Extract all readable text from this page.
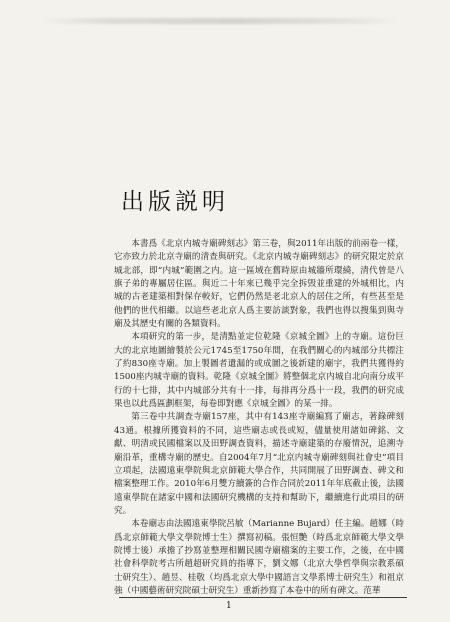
出版説明

本書爲《北京内城寺廟碑刻志》第三卷，與2011年出版的前兩卷一樣，它亦致力於北京寺廟的清查與研究。《北京内城寺廟碑刻志》的研究限定於京城北部，即“内城”範圍之内。這一區域在舊時原由城牆所環繞，清代曾是八旗子弟的專屬居住區。與近二十年來已幾乎完全拆毁並重建的外城相比，内城的古老建築相對保存較好，它們仍然是老北京人的居住之所，有些甚至是他們的世代相繼。以這些老北京人爲主要訪談對象，我們也得以搜集到與寺廟及其歷史有關的各類資料。

本項研究的第一步，是清點並定位乾隆《京城全圖》上的寺廟。這份巨大的北京地圖繪製於公元1745至1750年間，在我們關心的内城部分共標注了約830座寺廟。加上製圖者遺漏的或成圖之後新建的廟宇，我們共獲得約1500座内城寺廟的資料。乾隆《京城全圖》將整個北京内城自北向南分成平行的十七排，其中内城部分共有十一排，每排再分爲十一段，我們的研究成果也以此爲區劃框架，每卷即對應《京城全圖》的某一排。

第三卷中共調查寺廟157座，其中有143座寺廟編寫了廟志，著錄碑刻43通。根據所獲資料的不同，這些廟志或長或短，儘量使用諸如碑銘、文獻、明清或民國檔案以及田野調查資料，描述寺廟建築的存廢情況，追溯寺廟沿革，重構寺廟的歷史。自2004年7月“北京内城寺廟碑刻與社會史”項目立項起，法國遠東學院與北京師範大學合作，共同開展了田野調查、碑文和檔案整理工作。2010年6月雙方續簽的合作合同於2011年年底截止後，法國遠東學院在諸家中國和法國研究機構的支持和幫助下，繼續進行此項目的研究。

本卷廟志由法國遠東學院呂敏（Marianne Bujard）任主編。趙娜（時爲北京師範大學文學院博士生）撰寫初稿。張恒艷（時爲北京師範大學文學院博士後）承擔了抄寫並整理相關民國寺廟檔案的主要工作，之後，在中國社會科學院考古所趙超研究員的指導下，劉文娜（北京大學哲學與宗教系碩士研究生）、趙昱、桂敬（均爲北京大學中國語言文學系博士研究生）和祖京強（中國藝術研究院碩士研究生）重新抄寫了本卷中的所有碑文。范華

1
